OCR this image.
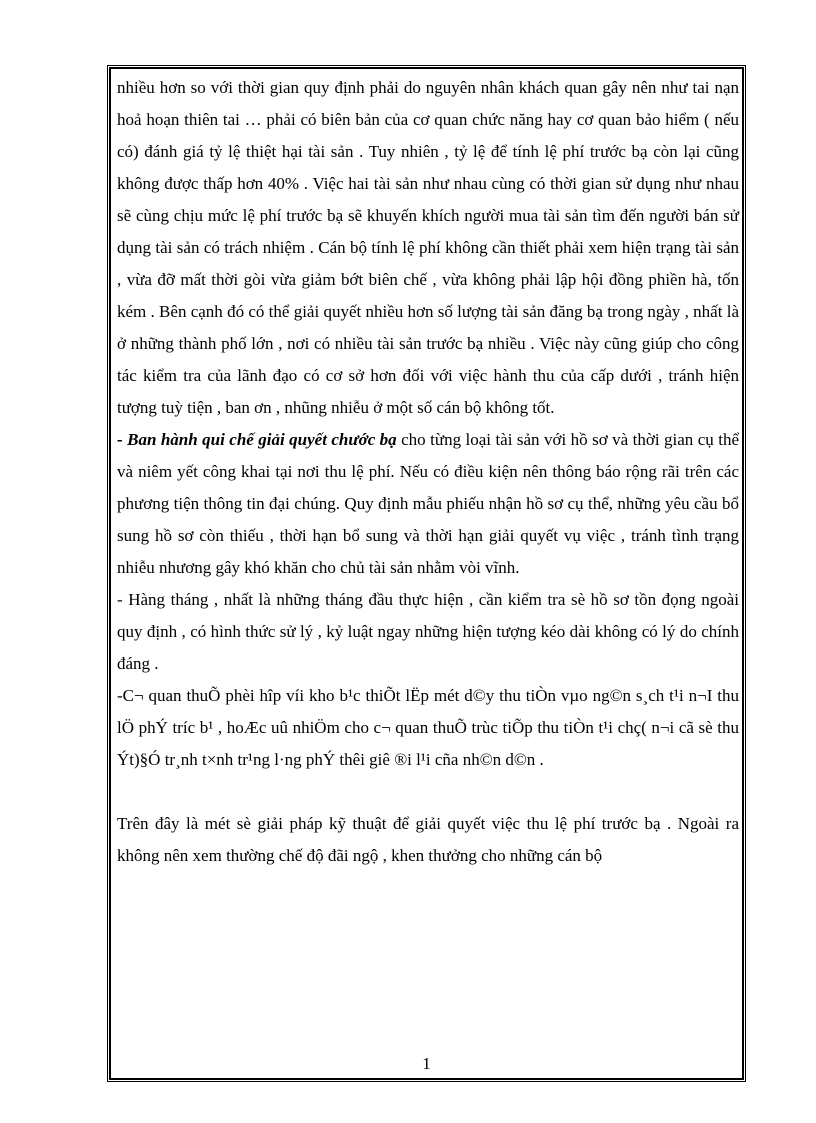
nhiều hơn so với thời gian quy định phải do nguyên nhân khách quan gây nên như tai nạn hoả hoạn thiên tai … phải có biên bản của cơ quan chức năng hay cơ quan bảo hiểm ( nếu có) đánh giá tỷ lệ thiệt hại tài sản . Tuy nhiên , tỷ lệ để tính lệ phí trước bạ còn lại cũng không được thấp hơn 40% . Việc hai tài sản như nhau cùng có thời gian sử dụng như nhau sẽ cùng chịu mức lệ phí trước bạ sẽ khuyến khích người mua tài sản tìm đến người bán sử dụng tài sản có trách nhiệm . Cán bộ tính lệ phí không cần thiết phải xem hiện trạng tài sản , vừa đỡ mất thời gòi vừa giảm bớt biên chế , vừa không phải lập hội đồng phiền hà, tốn kém . Bên cạnh đó có thể giải quyết nhiều hơn số lượng tài sản đăng bạ trong ngày , nhất là ở những thành phố lớn , nơi có nhiều tài sản trước bạ nhiều . Việc này cũng giúp cho công tác kiểm tra của lãnh đạo có cơ sở hơn đối với việc hành thu của cấp dưới , tránh hiện tượng tuỳ tiện , ban ơn , nhũng nhiễu ở một số cán bộ không tốt.

- Ban hành qui chế giải quyết chước bạ cho từng loại tài sản với hồ sơ và thời gian cụ thể và niêm yết công khai tại nơi thu lệ phí. Nếu có điều kiện nên thông báo rộng rãi trên các phương tiện thông tin đại chúng. Quy định mẫu phiếu nhận hồ sơ cụ thể, những yêu cầu bổ sung hồ sơ còn thiếu , thời hạn bổ sung và thời hạn giải quyết vụ việc , tránh tình trạng nhiễu nhương gây khó khăn cho chủ tài sản nhằm vòi vĩnh.

- Hàng tháng , nhất là những tháng đầu thực hiện , cần kiểm tra sè hồ sơ tồn đọng ngoài quy định , có hình thức sử lý , kỷ luật ngay những hiện tượng kéo dài không có lý do chính đáng .

-C¬ quan thuÕ phèi hîp víi kho b¹c thiÕt lËp mét d©y thu tiÒn vµo ng©n s¸ch t¹i n¬I thu lÖ phÝ tríc b¹ , hoÆc uû nhiÖm cho c¬ quan thuÕ trùc tiÕp thu tiÒn t¹i chç( n¬i cã sè thu Ýt)§Ó tr¸nh t×nh tr¹ng l·ng phÝ thêi giê ®i l¹i cña nh©n d©n .

Trên đây là mét sè giải pháp kỹ thuật để giải quyết việc thu lệ phí trước bạ . Ngoài ra không nên xem thường chế độ đãi ngộ , khen thưởng cho những cán bộ

1
